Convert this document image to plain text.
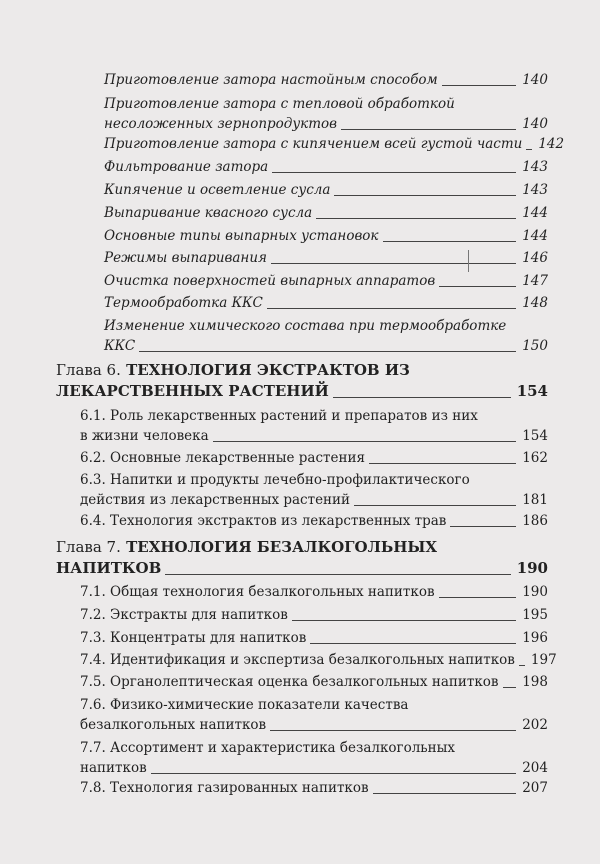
Приготовление затора настойным способом	140
Приготовление затора с тепловой обработкой
несоложенных зернопродуктов	140
Приготовление затора с кипячением всей густой части 142
Фильтрование затора	143
Кипячение и осветление сусла	143
Выпаривание квасного сусла	144
Основные типы выпарных установок	144
Режимы выпаривания	146
Очистка поверхностей выпарных аппаратов	147
Термообработка ККС	148
Изменение химического состава при термообработке
ККС	150
Глава 6. ТЕХНОЛОГИЯ ЭКСТРАКТОВ ИЗ
ЛЕКАРСТВЕННЫХ РАСТЕНИЙ	154
6.1. Роль лекарственных растений и препаратов из них
в жизни человека	154
6.2. Основные лекарственные растения	162
6.3. Напитки и продукты лечебно-профилактического
действия из лекарственных растений	181
6.4. Технология экстрактов из лекарственных трав	186
Глава 7. ТЕХНОЛОГИЯ БЕЗАЛКОГОЛЬНЫХ
НАПИТКОВ	190
7.1. Общая технология безалкогольных напитков	190
7.2. Экстракты для напитков	195
7.3. Концентраты для напитков	196
7.4. Идентификация и экспертиза безалкогольных напитков 197
7.5. Органолептическая оценка безалкогольных напитков 198
7.6. Физико-химические показатели качества
безалкогольных напитков	202
7.7. Ассортимент и характеристика безалкогольных
напитков	204
7.8. Технология газированных напитков	207
